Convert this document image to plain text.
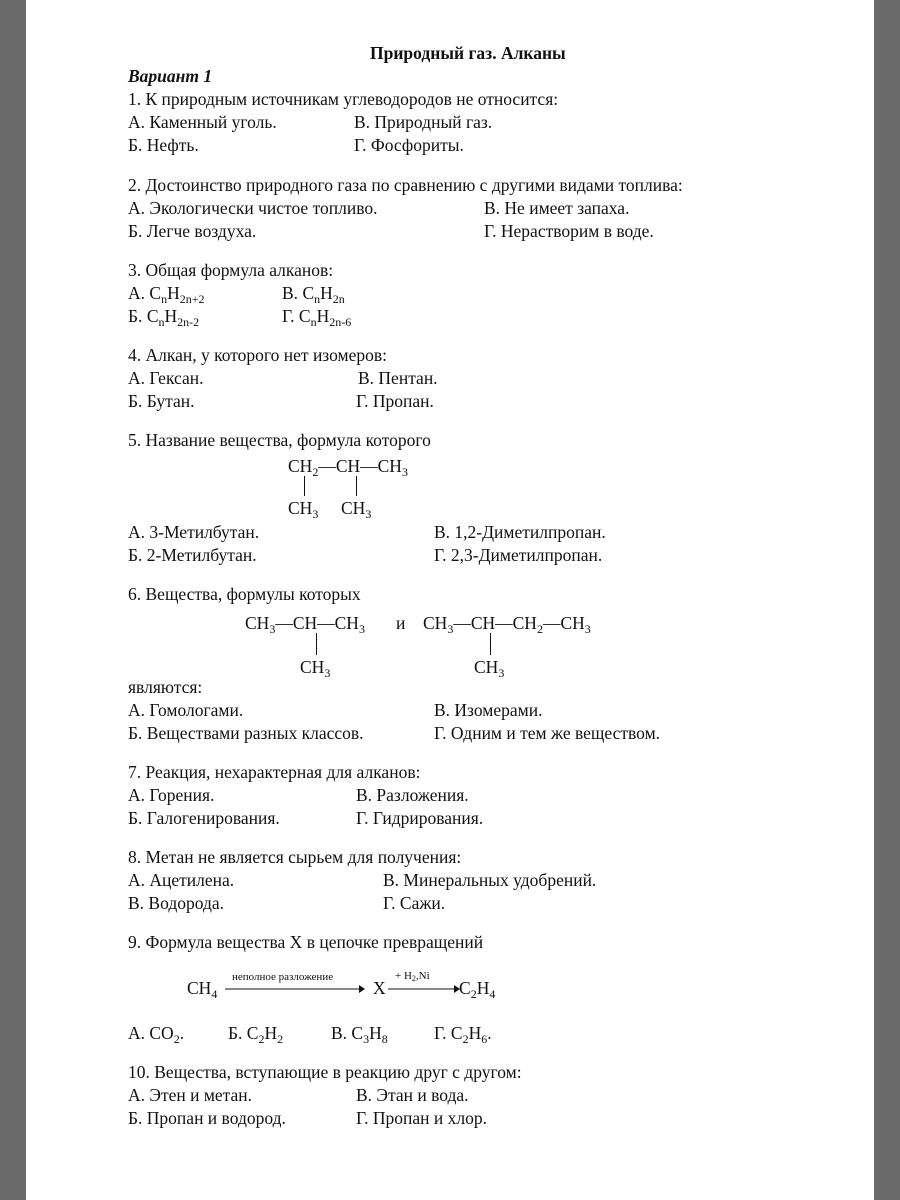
Природный газ. Алканы
Вариант 1
1. К природным источникам углеводородов не относится:
А. Каменный уголь.	В. Природный газ.
Б. Нефть.	Г. Фосфориты.
2. Достоинство природного газа по сравнению с другими видами топлива:
А. Экологически чистое топливо.	В. Не имеет запаха.
Б. Легче воздуха.	Г. Нерастворим в воде.
3. Общая формула алканов:
А. $C_nH_{2n+2}$	В. $C_nH_{2n}$
Б. $C_nH_{2n-2}$	Г. $C_nH_{2n-6}$
4. Алкан, у которого нет изомеров:
А. Гексан.	В. Пентан.
Б. Бутан.	Г. Пропан.
5. Название вещества, формула которого
$CH_2—CH—CH_3$
$CH_3$ $CH_3$
А. 3-Метилбутан.	В. 1,2-Диметилпропан.
Б. 2-Метилбутан.	Г. 2,3-Диметилпропан.
6. Вещества, формулы которых
$CH_3—CH—CH_3$ и $CH_3—CH—CH_2—CH_3$
$CH_3$	$CH_3$
являются:
А. Гомологами.	В. Изомерами.
Б. Веществами разных классов.	Г. Одним и тем же веществом.
7. Реакция, нехарактерная для алканов:
А. Горения.	В. Разложения.
Б. Галогенирования.	Г. Гидрирования.
8. Метан не является сырьем для получения:
А. Ацетилена.	В. Минеральных удобрений.
В. Водорода.	Г. Сажи.
9. Формула вещества Х в цепочке превращений
неполное разложение	+ $H_2,Ni$
$CH_4$	X	$C_2H_4$
А. $CO_2$.	Б. $C_2H_2$	В. $C_3H_8$	Г. $C_2H_6$.
10. Вещества, вступающие в реакцию друг с другом:
А. Этен и метан.	В. Этан и вода.
Б. Пропан и водород.	Г. Пропан и хлор.
